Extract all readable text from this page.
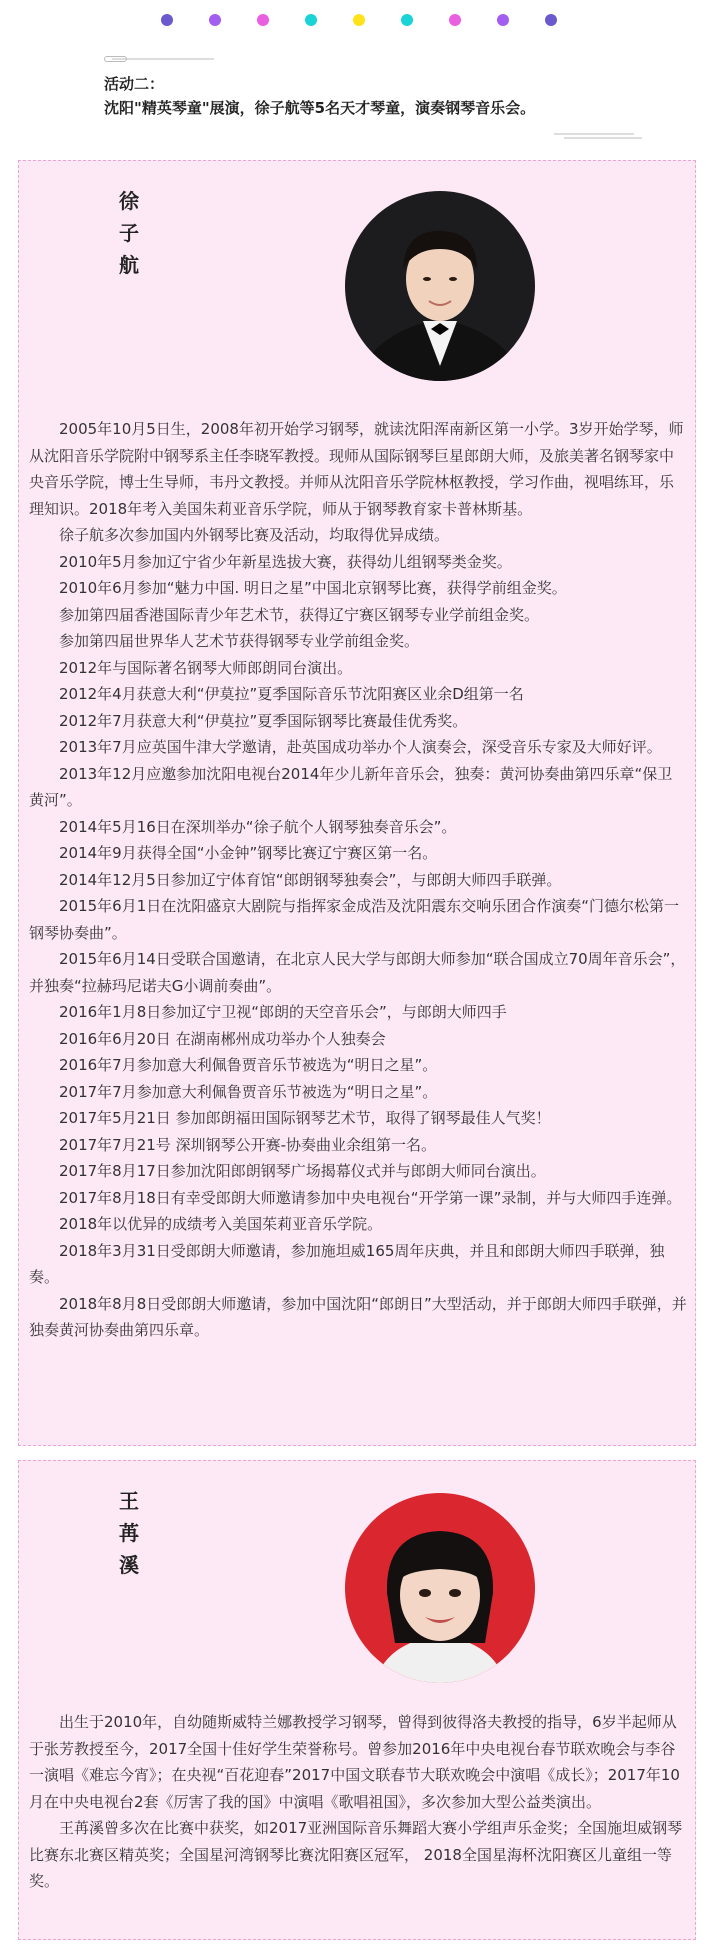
活动二：
沈阳"精英琴童"展演，徐子航等5名天才琴童，演奏钢琴音乐会。
徐
子
航

2005年10月5日生，2008年初开始学习钢琴，就读沈阳浑南新区第一小学。3岁开始学琴，师从沈阳音乐学院附中钢琴系主任李晓军教授。现师从国际钢琴巨星郎朗大师，及旅美著名钢琴家中央音乐学院，博士生导师，韦丹文教授。并师从沈阳音乐学院林枢教授，学习作曲，视唱练耳，乐理知识。2018年考入美国朱莉亚音乐学院，师从于钢琴教育家卡普林斯基。

徐子航多次参加国内外钢琴比赛及活动，均取得优异成绩。

2010年5月参加辽宁省少年新星选拔大赛，获得幼儿组钢琴类金奖。

2010年6月参加“魅力中国. 明日之星”中国北京钢琴比赛，获得学前组金奖。

参加第四届香港国际青少年艺术节，获得辽宁赛区钢琴专业学前组金奖。

参加第四届世界华人艺术节获得钢琴专业学前组金奖。

2012年与国际著名钢琴大师郎朗同台演出。

2012年4月获意大利“伊莫拉”夏季国际音乐节沈阳赛区业余D组第一名

2012年7月获意大利“伊莫拉”夏季国际钢琴比赛最佳优秀奖。

2013年7月应英国牛津大学邀请，赴英国成功举办个人演奏会，深受音乐专家及大师好评。

2013年12月应邀参加沈阳电视台2014年少儿新年音乐会，独奏：黄河协奏曲第四乐章“保卫黄河”。

2014年5月16日在深圳举办“徐子航个人钢琴独奏音乐会”。

2014年9月获得全国“小金钟”钢琴比赛辽宁赛区第一名。

2014年12月5日参加辽宁体育馆“郎朗钢琴独奏会”，与郎朗大师四手联弹。

2015年6月1日在沈阳盛京大剧院与指挥家金成浩及沈阳震东交响乐团合作演奏“门德尔松第一钢琴协奏曲”。

2015年6月14日受联合国邀请，在北京人民大学与郎朗大师参加“联合国成立70周年音乐会”，并独奏“拉赫玛尼诺夫G小调前奏曲”。

2016年1月8日参加辽宁卫视“郎朗的天空音乐会”，与郎朗大师四手

2016年6月20日 在湖南郴州成功举办个人独奏会

2016年7月参加意大利佩鲁贾音乐节被选为“明日之星”。

2017年7月参加意大利佩鲁贾音乐节被选为“明日之星”。

2017年5月21日 参加郎朗福田国际钢琴艺术节，取得了钢琴最佳人气奖！

2017年7月21号 深圳钢琴公开赛-协奏曲业余组第一名。

2017年8月17日参加沈阳郎朗钢琴广场揭幕仪式并与郎朗大师同台演出。

2017年8月18日有幸受郎朗大师邀请参加中央电视台“开学第一课”录制，并与大师四手连弹。

2018年以优异的成绩考入美国茱莉亚音乐学院。

2018年3月31日受郎朗大师邀请，参加施坦威165周年庆典，并且和郎朗大师四手联弹，独奏。

2018年8月8日受郎朗大师邀请，参加中国沈阳“郎朗日”大型活动，并于郎朗大师四手联弹，并独奏黄河协奏曲第四乐章。

王
苒
溪

出生于2010年，自幼随斯威特兰娜教授学习钢琴，曾得到彼得洛夫教授的指导，6岁半起师从于张芳教授至今，2017全国十佳好学生荣誉称号。曾参加2016年中央电视台春节联欢晚会与李谷一演唱《难忘今宵》；在央视“百花迎春”2017中国文联春节大联欢晚会中演唱《成长》；2017年10月在中央电视台2套《厉害了我的国》中演唱《歌唱祖国》，多次参加大型公益类演出。

王苒溪曾多次在比赛中获奖，如2017亚洲国际音乐舞蹈大赛小学组声乐金奖；全国施坦威钢琴比赛东北赛区精英奖；全国星河湾钢琴比赛沈阳赛区冠军， 2018全国星海杯沈阳赛区儿童组一等奖。
